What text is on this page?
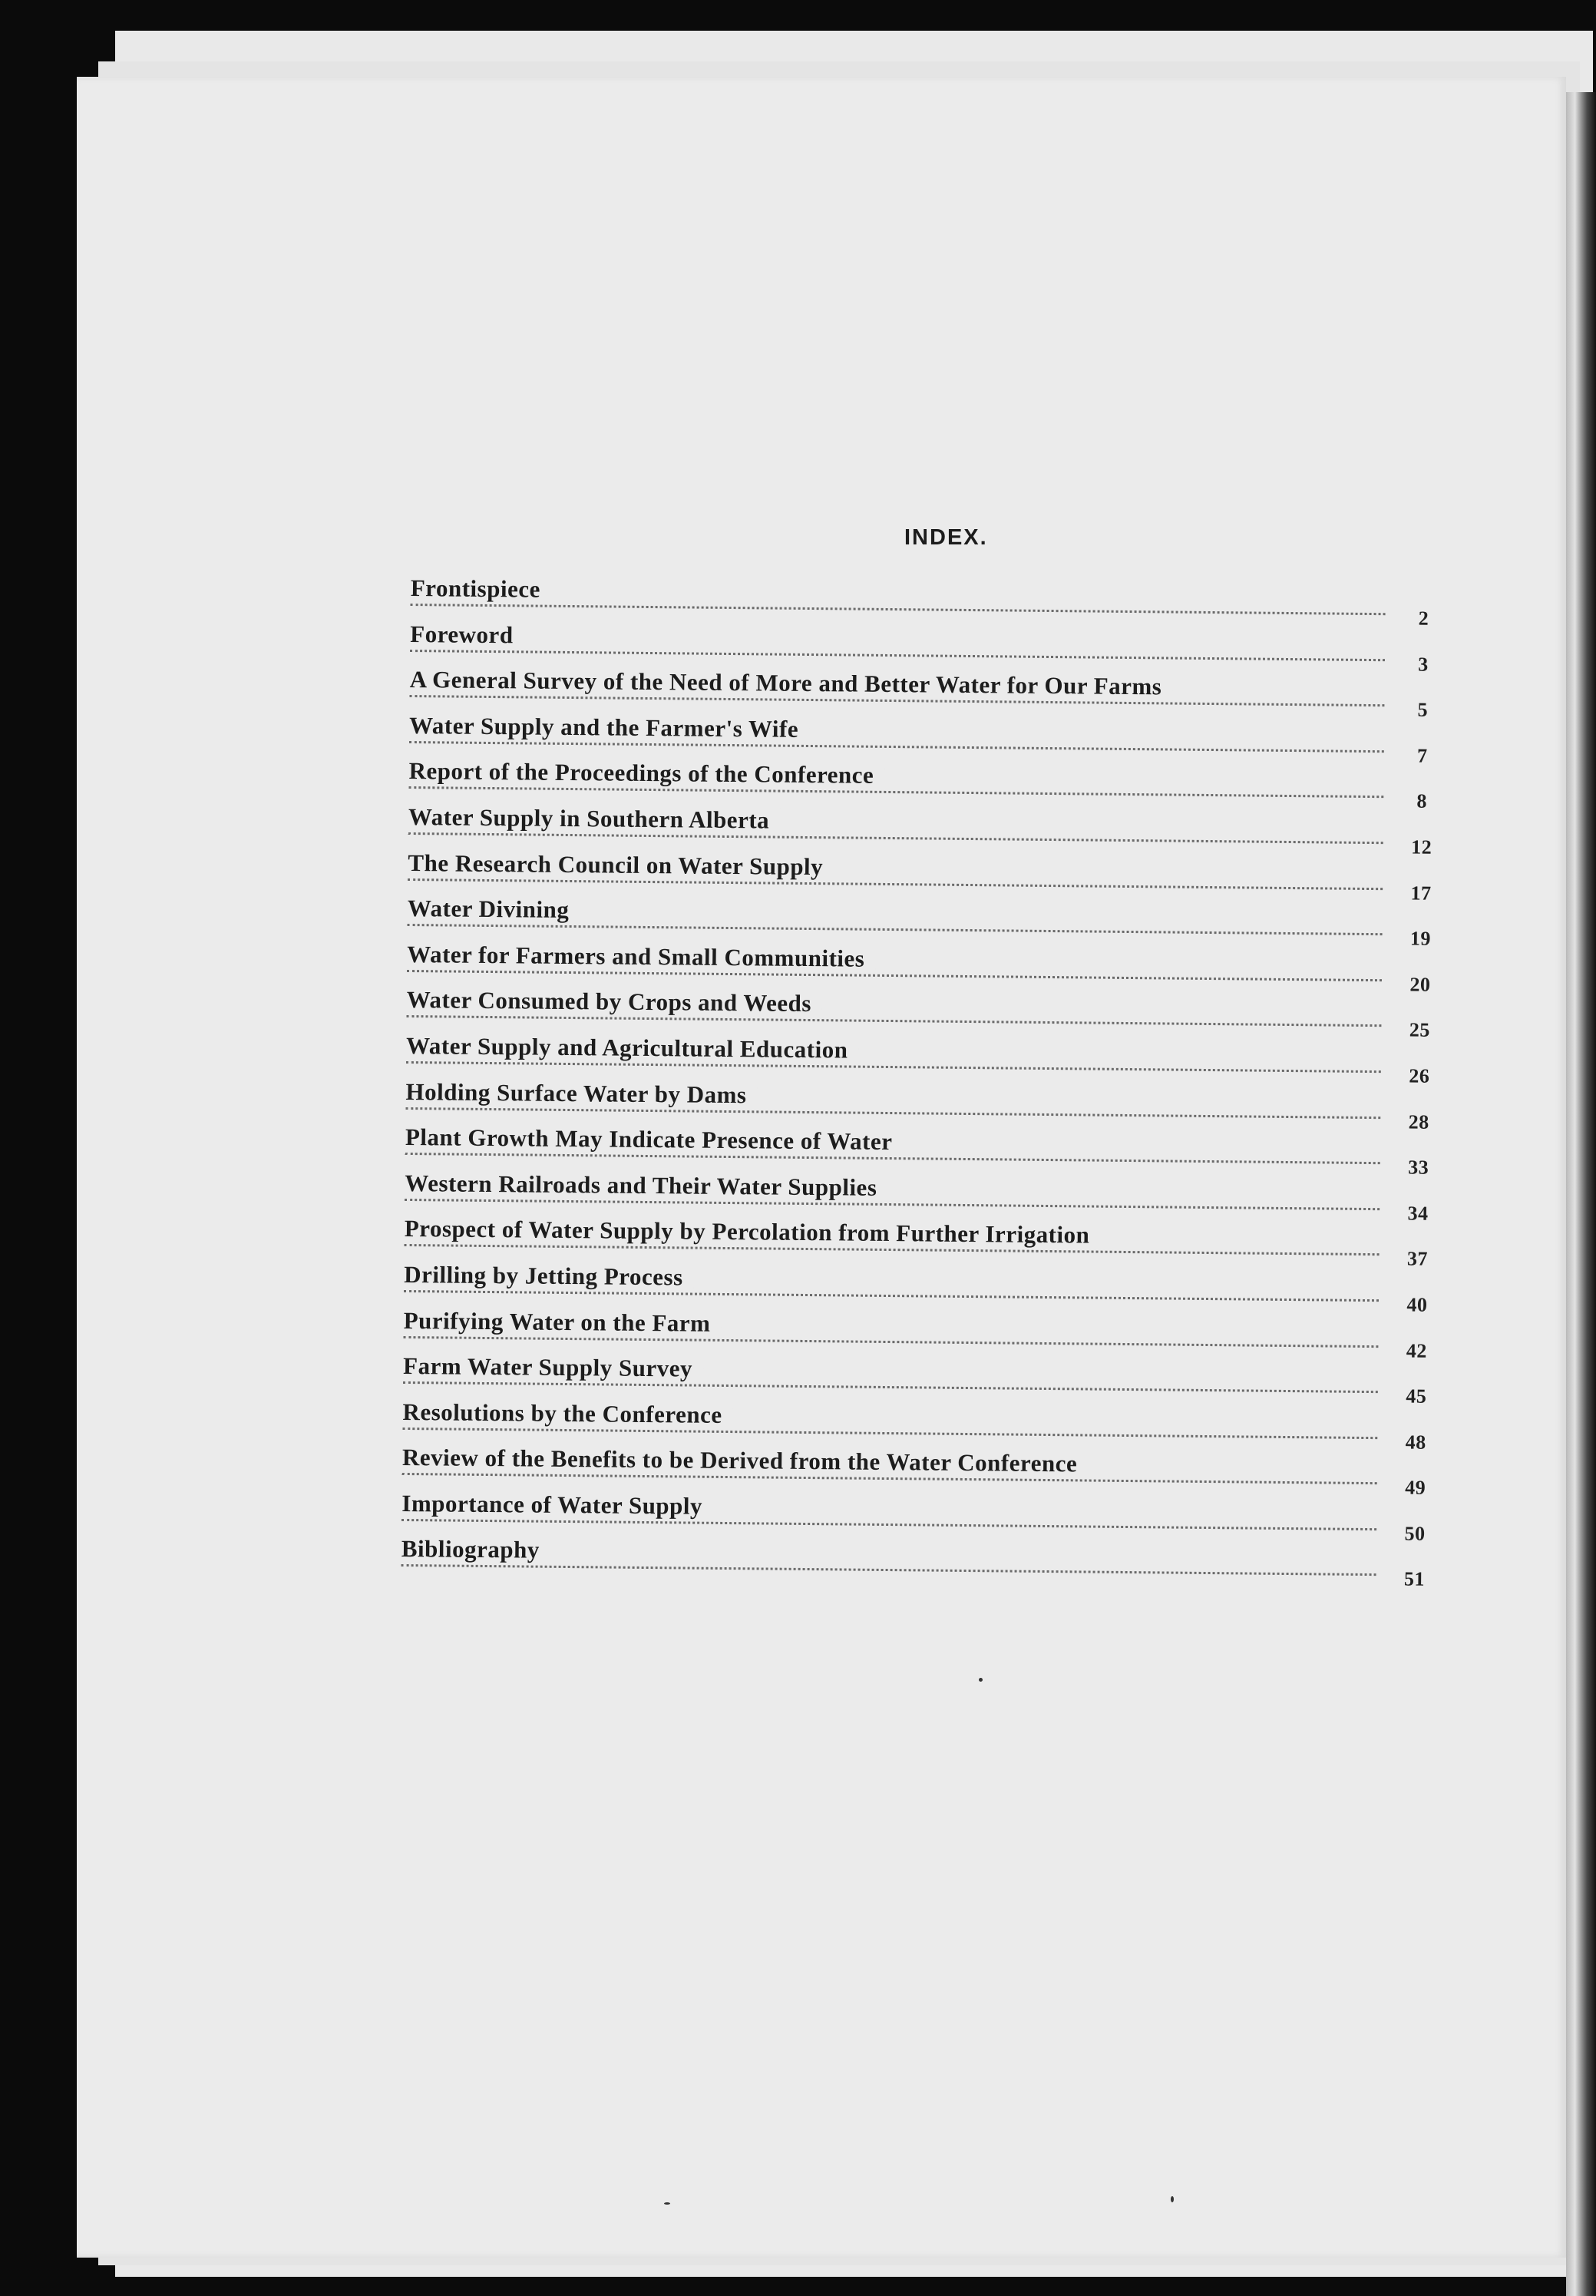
INDEX.
Frontispiece
2
Foreword
3
A General Survey of the Need of More and Better Water for Our Farms
5
Water Supply and the Farmer's Wife
7
Report of the Proceedings of the Conference
8
Water Supply in Southern Alberta
12
The Research Council on Water Supply
17
Water Divining
19
Water for Farmers and Small Communities
20
Water Consumed by Crops and Weeds
25
Water Supply and Agricultural Education
26
Holding Surface Water by Dams
28
Plant Growth May Indicate Presence of Water
33
Western Railroads and Their Water Supplies
34
Prospect of Water Supply by Percolation from Further Irrigation
37
Drilling by Jetting Process
40
Purifying Water on the Farm
42
Farm Water Supply Survey
45
Resolutions by the Conference
48
Review of the Benefits to be Derived from the Water Conference
49
Importance of Water Supply
50
Bibliography
51
